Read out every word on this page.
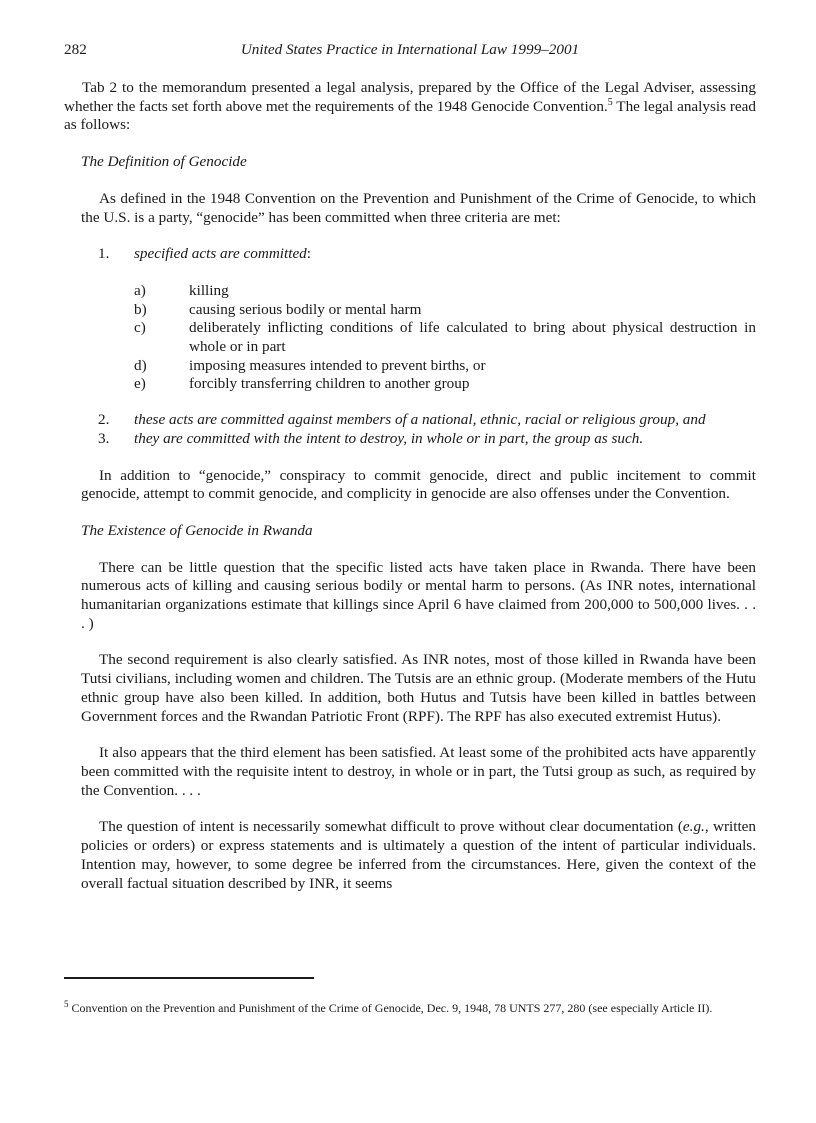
282	United States Practice in International Law 1999–2001

Tab 2 to the memorandum presented a legal analysis, prepared by the Office of the Legal Adviser, assessing whether the facts set forth above met the requirements of the 1948 Genocide Convention.$^5$ The legal analysis read as follows:

The Definition of Genocide

As defined in the 1948 Convention on the Prevention and Punishment of the Crime of Genocide, to which the U.S. is a party, “genocide” has been committed when three criteria are met:

1.	specified acts are committed:
a)	killing
b)	causing serious bodily or mental harm
c)	deliberately inflicting conditions of life calculated to bring about physical destruction in whole or in part
d)	imposing measures intended to prevent births, or
e)	forcibly transferring children to another group
2.	these acts are committed against members of a national, ethnic, racial or religious group, and
3.	they are committed with the intent to destroy, in whole or in part, the group as such.

In addition to “genocide,” conspiracy to commit genocide, direct and public incitement to commit genocide, attempt to commit genocide, and complicity in genocide are also offenses under the Convention.

The Existence of Genocide in Rwanda

There can be little question that the specific listed acts have taken place in Rwanda. There have been numerous acts of killing and causing serious bodily or mental harm to persons. (As INR notes, international humanitarian organizations estimate that killings since April 6 have claimed from 200,000 to 500,000 lives. . . . )

The second requirement is also clearly satisfied. As INR notes, most of those killed in Rwanda have been Tutsi civilians, including women and children. The Tutsis are an ethnic group. (Moderate members of the Hutu ethnic group have also been killed. In addition, both Hutus and Tutsis have been killed in battles between Government forces and the Rwandan Patriotic Front (RPF). The RPF has also executed extremist Hutus).

It also appears that the third element has been satisfied. At least some of the prohibited acts have apparently been committed with the requisite intent to destroy, in whole or in part, the Tutsi group as such, as required by the Convention. . . .

The question of intent is necessarily somewhat difficult to prove without clear documentation (e.g., written policies or orders) or express statements and is ultimately a question of the intent of particular individuals. Intention may, however, to some degree be inferred from the circumstances. Here, given the context of the overall factual situation described by INR, it seems

$^5$ Convention on the Prevention and Punishment of the Crime of Genocide, Dec. 9, 1948, 78 UNTS 277, 280 (see especially Article II).
